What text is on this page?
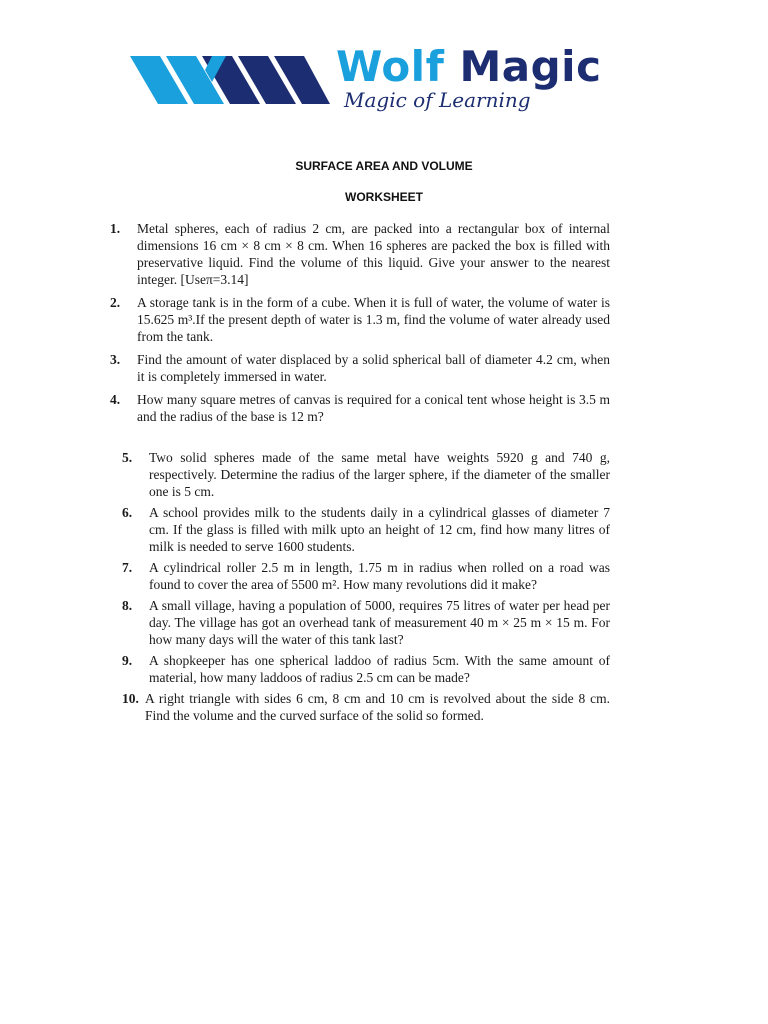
Wolf Magic
Magic of Learning
SURFACE AREA AND VOLUME
WORKSHEET
1. Metal spheres, each of radius 2 cm, are packed into a rectangular box of internal dimensions 16 cm × 8 cm × 8 cm. When 16 spheres are packed the box is filled with preservative liquid. Find the volume of this liquid. Give your answer to the nearest integer. [Useπ=3.14]
2. A storage tank is in the form of a cube. When it is full of water, the volume of water is 15.625 m³.If the present depth of water is 1.3 m, find the volume of water already used from the tank.
3. Find the amount of water displaced by a solid spherical ball of diameter 4.2 cm, when it is completely immersed in water.
4. How many square metres of canvas is required for a conical tent whose height is 3.5 m and the radius of the base is 12 m?
5. Two solid spheres made of the same metal have weights 5920 g and 740 g, respectively. Determine the radius of the larger sphere, if the diameter of the smaller one is 5 cm.
6. A school provides milk to the students daily in a cylindrical glasses of diameter 7 cm. If the glass is filled with milk upto an height of 12 cm, find how many litres of milk is needed to serve 1600 students.
7. A cylindrical roller 2.5 m in length, 1.75 m in radius when rolled on a road was found to cover the area of 5500 m². How many revolutions did it make?
8. A small village, having a population of 5000, requires 75 litres of water per head per day. The village has got an overhead tank of measurement 40 m × 25 m × 15 m. For how many days will the water of this tank last?
9. A shopkeeper has one spherical laddoo of radius 5cm. With the same amount of material, how many laddoos of radius 2.5 cm can be made?
10. A right triangle with sides 6 cm, 8 cm and 10 cm is revolved about the side 8 cm. Find the volume and the curved surface of the solid so formed.
